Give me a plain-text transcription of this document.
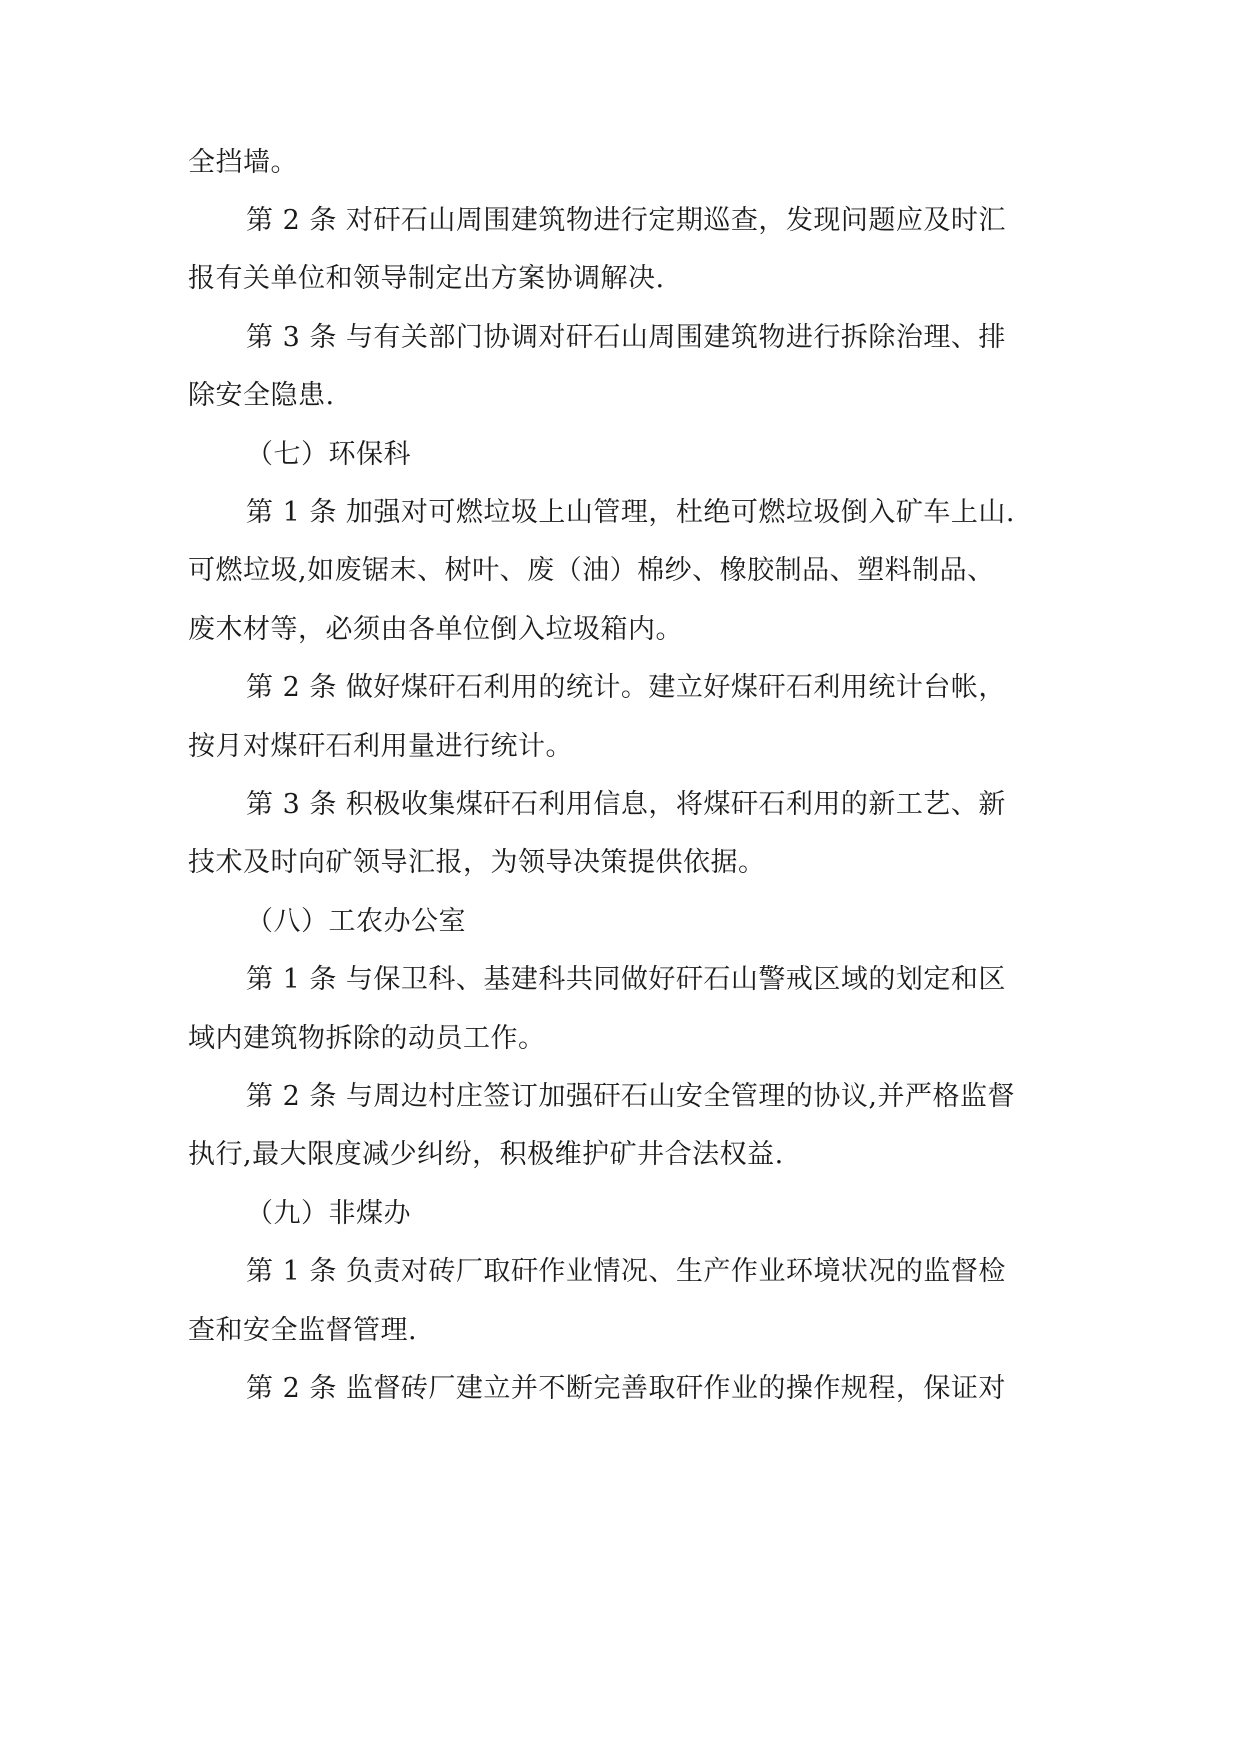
全挡墙。
第 2 条 对矸石山周围建筑物进行定期巡查，发现问题应及时汇
报有关单位和领导制定出方案协调解决.
第 3 条 与有关部门协调对矸石山周围建筑物进行拆除治理、排
除安全隐患.
（七）环保科
第 1 条 加强对可燃垃圾上山管理，杜绝可燃垃圾倒入矿车上山.
可燃垃圾,如废锯末、树叶、废（油）棉纱、橡胶制品、塑料制品、
废木材等，必须由各单位倒入垃圾箱内。
第 2 条 做好煤矸石利用的统计。建立好煤矸石利用统计台帐，
按月对煤矸石利用量进行统计。
第 3 条 积极收集煤矸石利用信息，将煤矸石利用的新工艺、新
技术及时向矿领导汇报，为领导决策提供依据。
（八）工农办公室
第 1 条 与保卫科、基建科共同做好矸石山警戒区域的划定和区
域内建筑物拆除的动员工作。
第 2 条 与周边村庄签订加强矸石山安全管理的协议,并严格监督
执行,最大限度减少纠纷，积极维护矿井合法权益.
（九）非煤办
第 1 条 负责对砖厂取矸作业情况、生产作业环境状况的监督检
查和安全监督管理.
第 2 条 监督砖厂建立并不断完善取矸作业的操作规程，保证对
